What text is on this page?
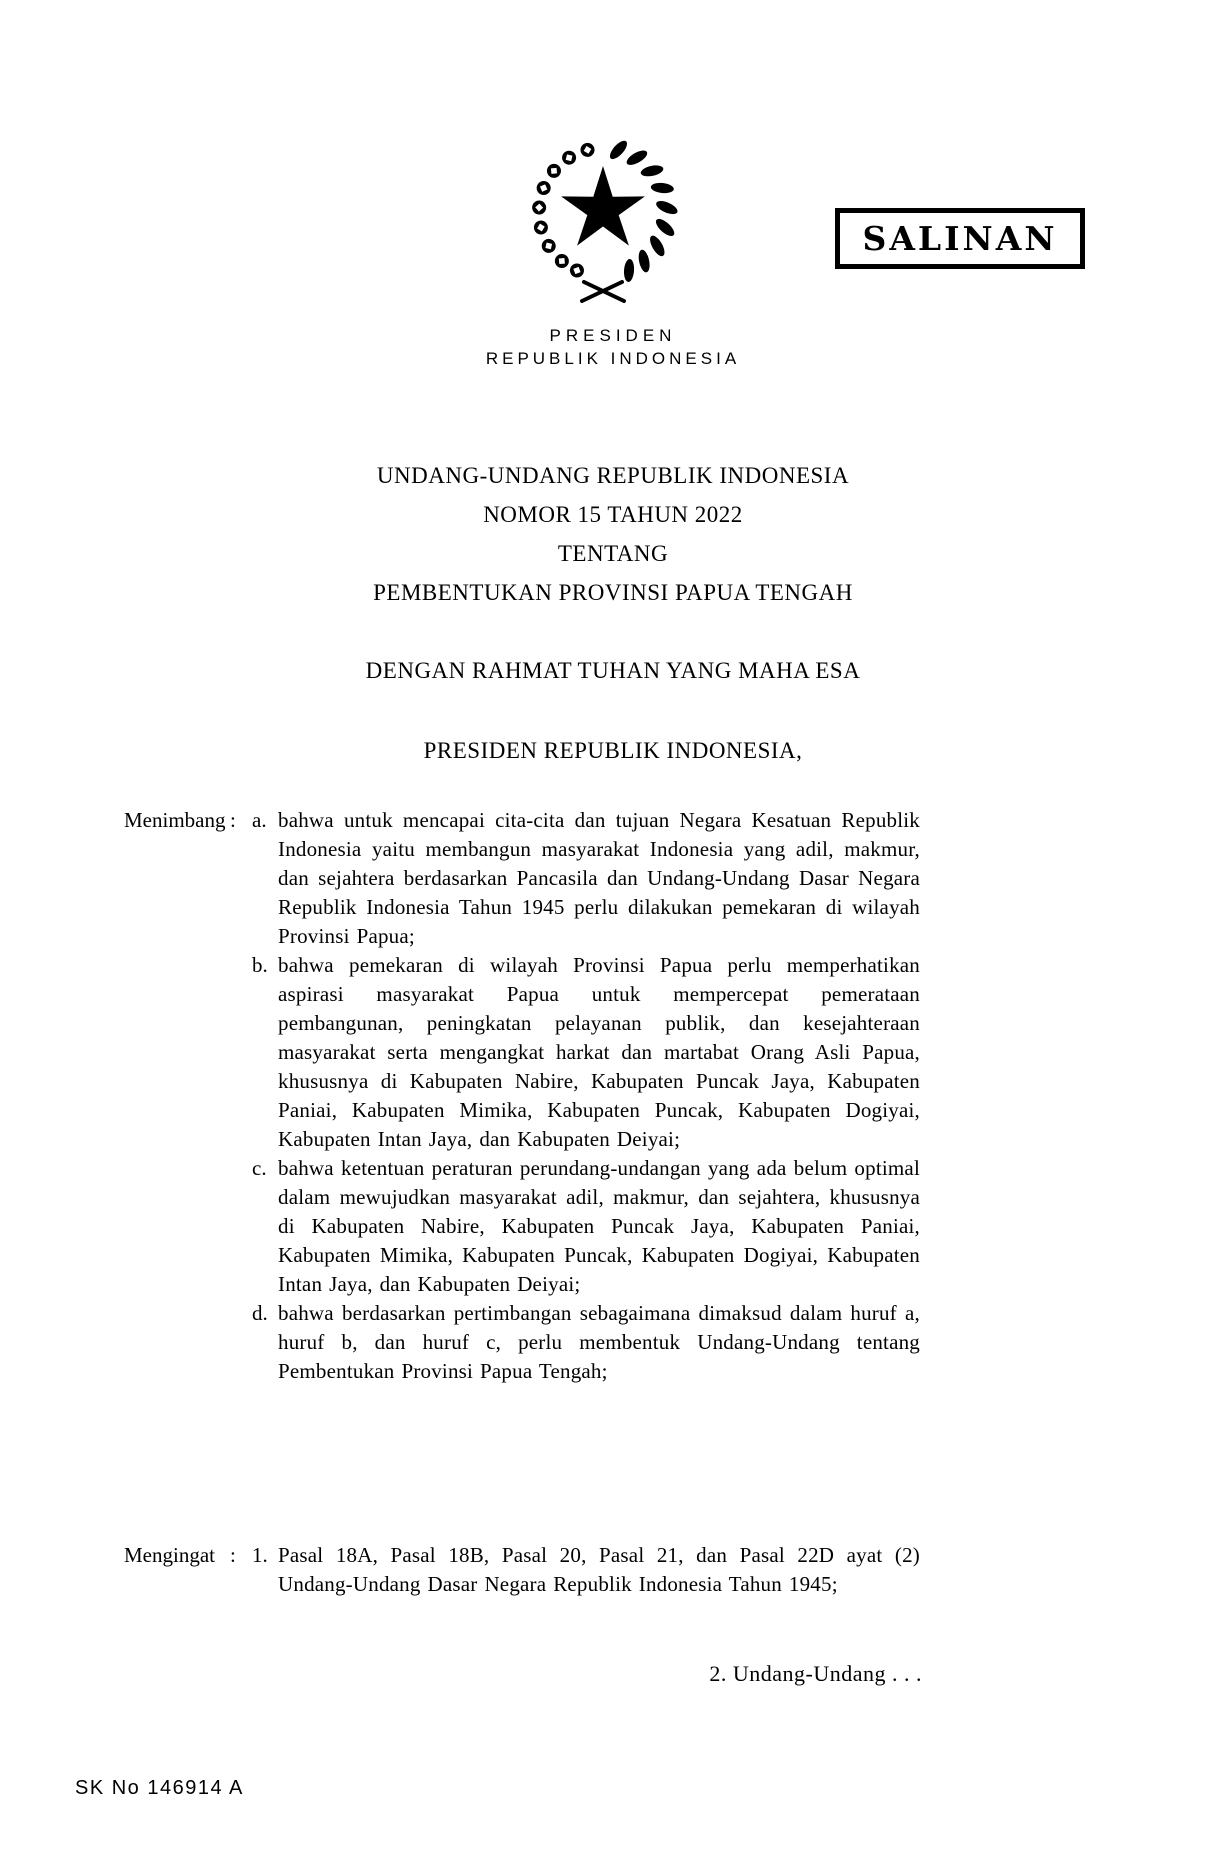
SALINAN
PRESIDEN
REPUBLIK INDONESIA
UNDANG-UNDANG REPUBLIK INDONESIA
NOMOR 15 TAHUN 2022
TENTANG
PEMBENTUKAN PROVINSI PAPUA TENGAH
DENGAN RAHMAT TUHAN YANG MAHA ESA
PRESIDEN REPUBLIK INDONESIA,
Menimbang : a. bahwa untuk mencapai cita-cita dan tujuan Negara Kesatuan Republik Indonesia yaitu membangun masyarakat Indonesia yang adil, makmur, dan sejahtera berdasarkan Pancasila dan Undang-Undang Dasar Negara Republik Indonesia Tahun 1945 perlu dilakukan pemekaran di wilayah Provinsi Papua;
b. bahwa pemekaran di wilayah Provinsi Papua perlu memperhatikan aspirasi masyarakat Papua untuk mempercepat pemerataan pembangunan, peningkatan pelayanan publik, dan kesejahteraan masyarakat serta mengangkat harkat dan martabat Orang Asli Papua, khususnya di Kabupaten Nabire, Kabupaten Puncak Jaya, Kabupaten Paniai, Kabupaten Mimika, Kabupaten Puncak, Kabupaten Dogiyai, Kabupaten Intan Jaya, dan Kabupaten Deiyai;
c. bahwa ketentuan peraturan perundang-undangan yang ada belum optimal dalam mewujudkan masyarakat adil, makmur, dan sejahtera, khususnya di Kabupaten Nabire, Kabupaten Puncak Jaya, Kabupaten Paniai, Kabupaten Mimika, Kabupaten Puncak, Kabupaten Dogiyai, Kabupaten Intan Jaya, dan Kabupaten Deiyai;
d. bahwa berdasarkan pertimbangan sebagaimana dimaksud dalam huruf a, huruf b, dan huruf c, perlu membentuk Undang-Undang tentang Pembentukan Provinsi Papua Tengah;
Mengingat : 1. Pasal 18A, Pasal 18B, Pasal 20, Pasal 21, dan Pasal 22D ayat (2) Undang-Undang Dasar Negara Republik Indonesia Tahun 1945;
2. Undang-Undang . . .
SK No 146914 A
